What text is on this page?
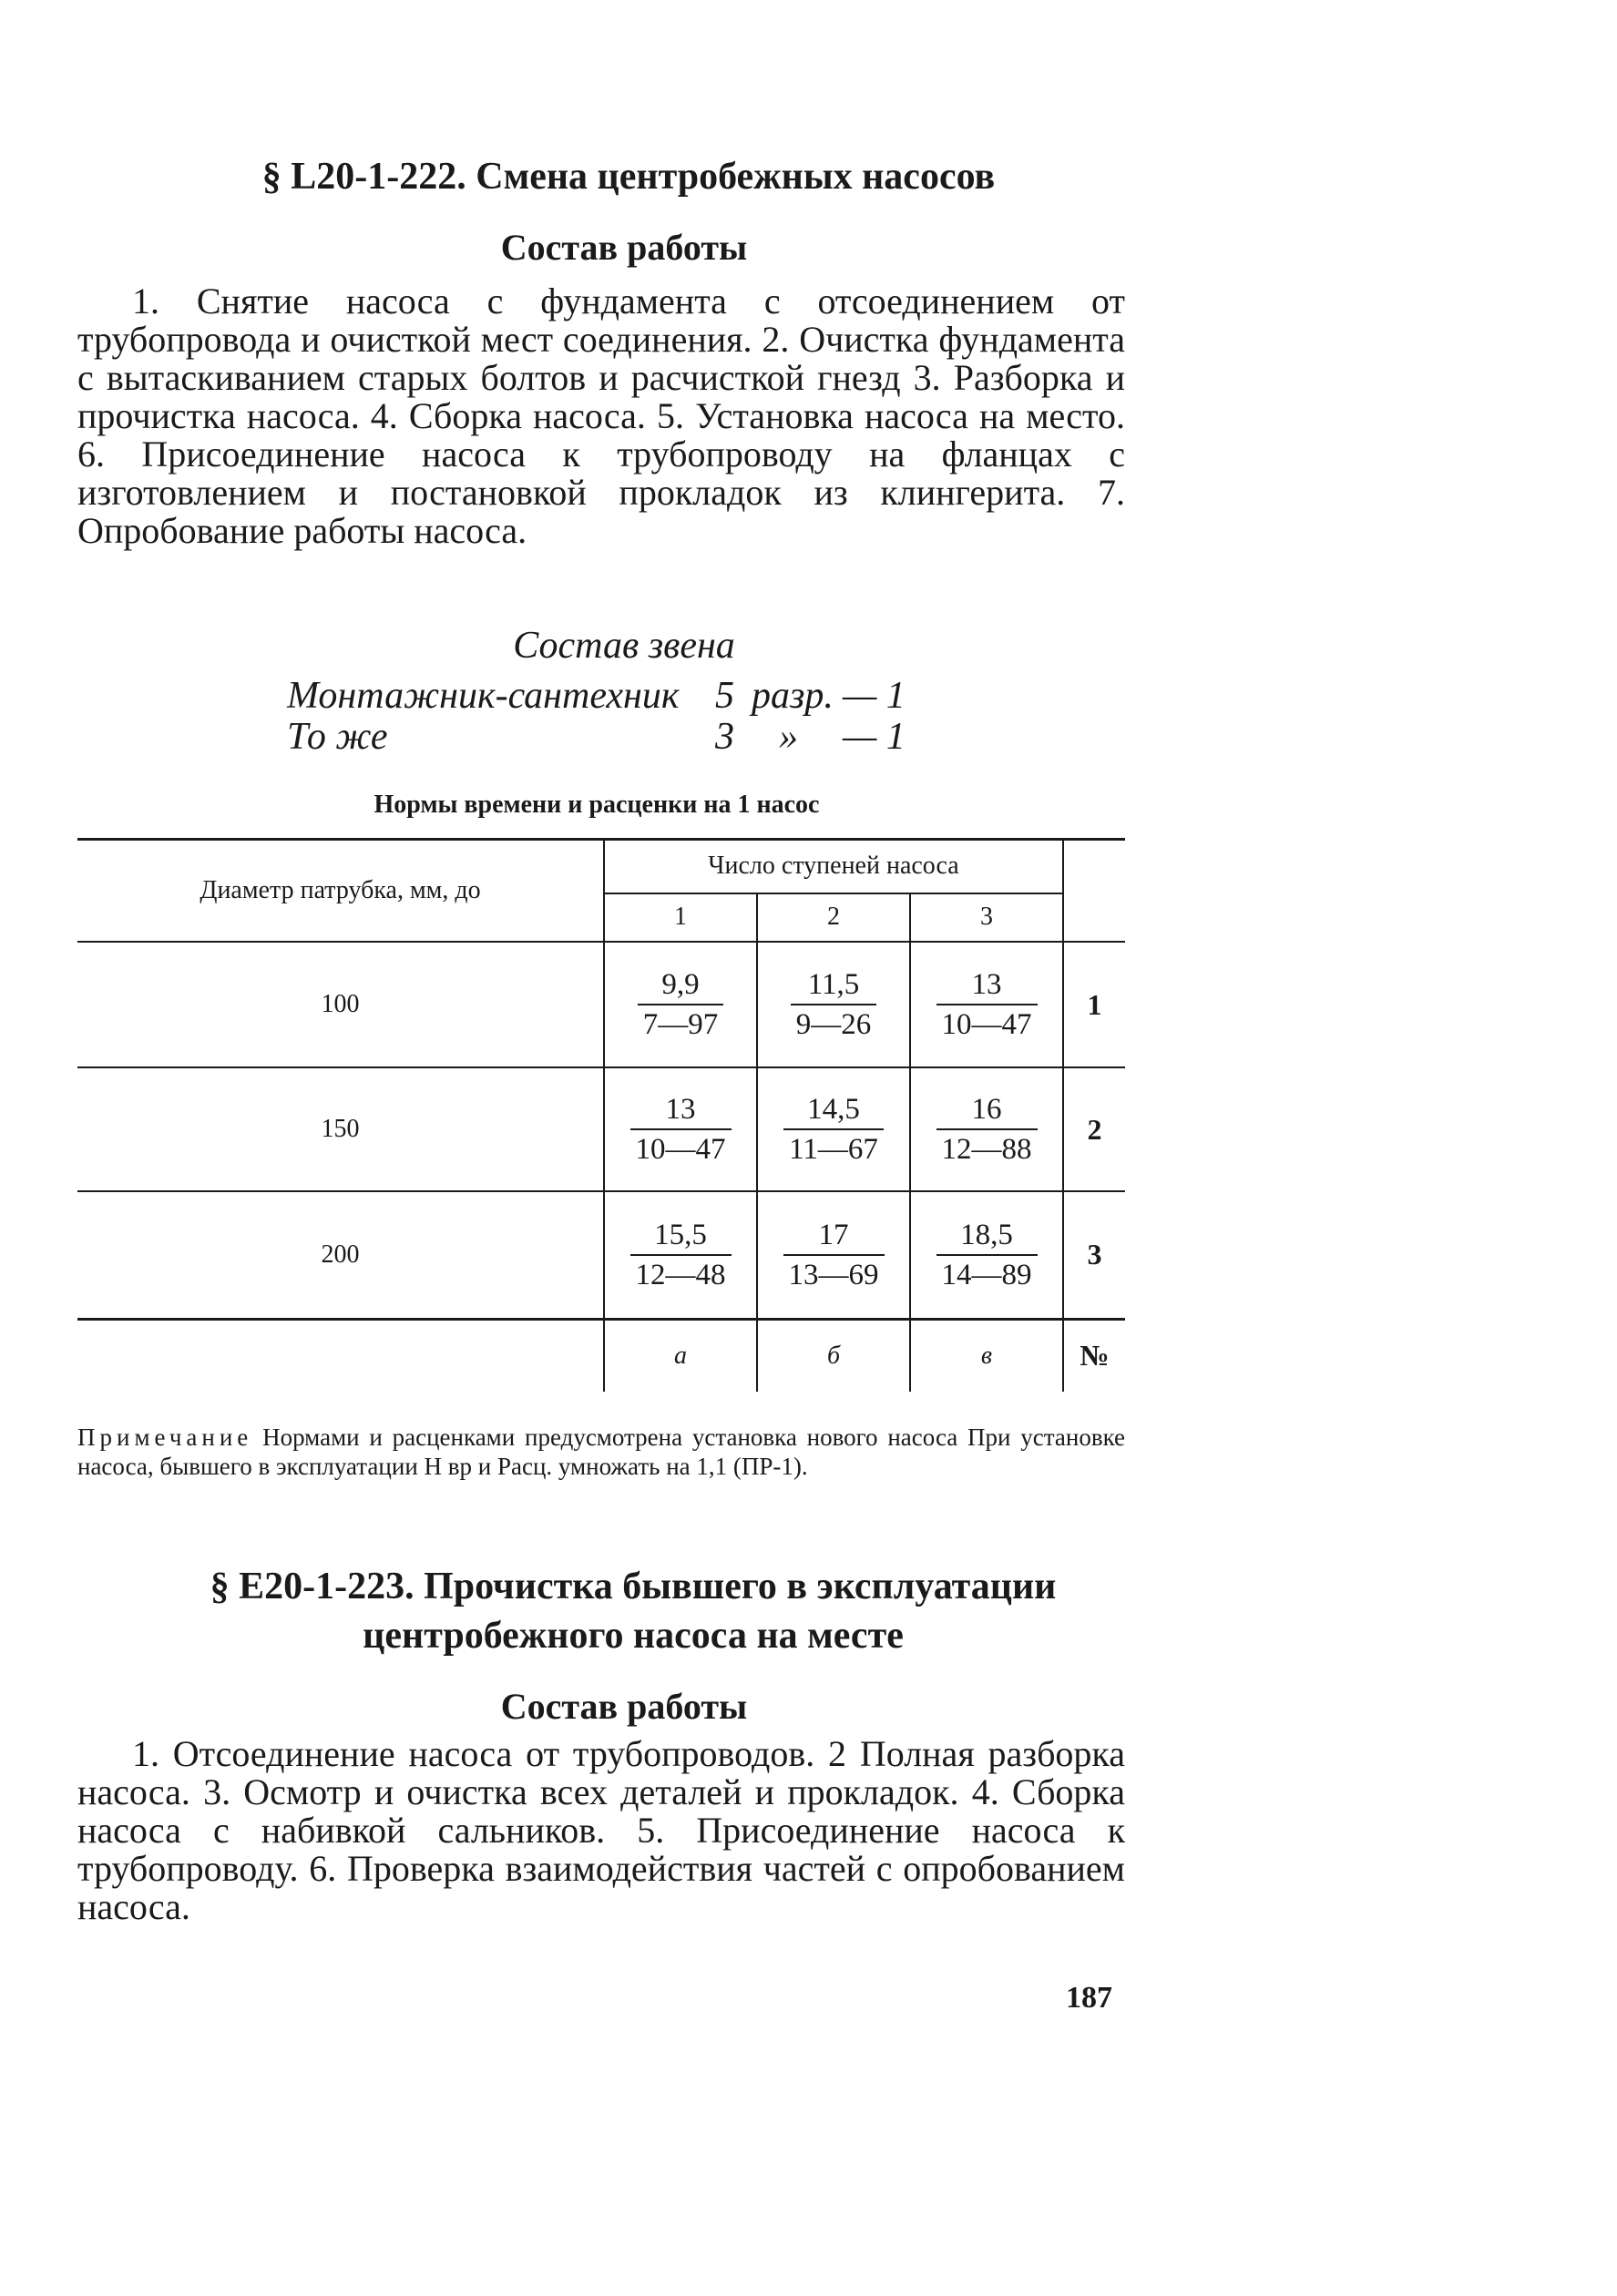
§ L20-1-222. Смена центробежных насосов
Состав работы
1. Снятие насоса с фундамента с отсоединением от трубопровода и очисткой мест соединения. 2. Очистка фундамента с вытаскиванием старых болтов и расчисткой гнезд 3. Разборка и прочистка насоса. 4. Сборка насоса. 5. Установка насоса на место. 6. Присоединение насоса к трубопроводу на фланцах с изготовлением и постановкой прокладок из клингерита. 7. Опробование работы насоса.
Состав звена
Монтажник-сантехник 5 разр. — 1
То же	3 » — 1
Нормы времени и расценки на 1 насос
Диаметр патрубка, мм, до	Число ступеней насоса			
	1	2	3	
100	$\frac{9,9}{7—97}$	$\frac{11,5}{9—26}$	$\frac{13}{10—47}$	1
150	$\frac{13}{10—47}$	$\frac{14,5}{11—67}$	$\frac{16}{12—88}$	2
200	$\frac{15,5}{12—48}$	$\frac{17}{13—69}$	$\frac{18,5}{14—89}$	3
	а	б	в	№
Примечание Нормами и расценками предусмотрена установка нового насоса При установке насоса, бывшего в эксплуатации Н вр и Расц. умножать на 1,1 (ПР-1).
§ Е20-1-223. Прочистка бывшего в эксплуатации
центробежного насоса на месте
Состав работы
1. Отсоединение насоса от трубопроводов. 2 Полная разборка насоса. 3. Осмотр и очистка всех деталей и прокладок. 4. Сборка насоса с набивкой сальников. 5. Присоединение насоса к трубопроводу. 6. Проверка взаимодействия частей с опробованием насоса.
187
